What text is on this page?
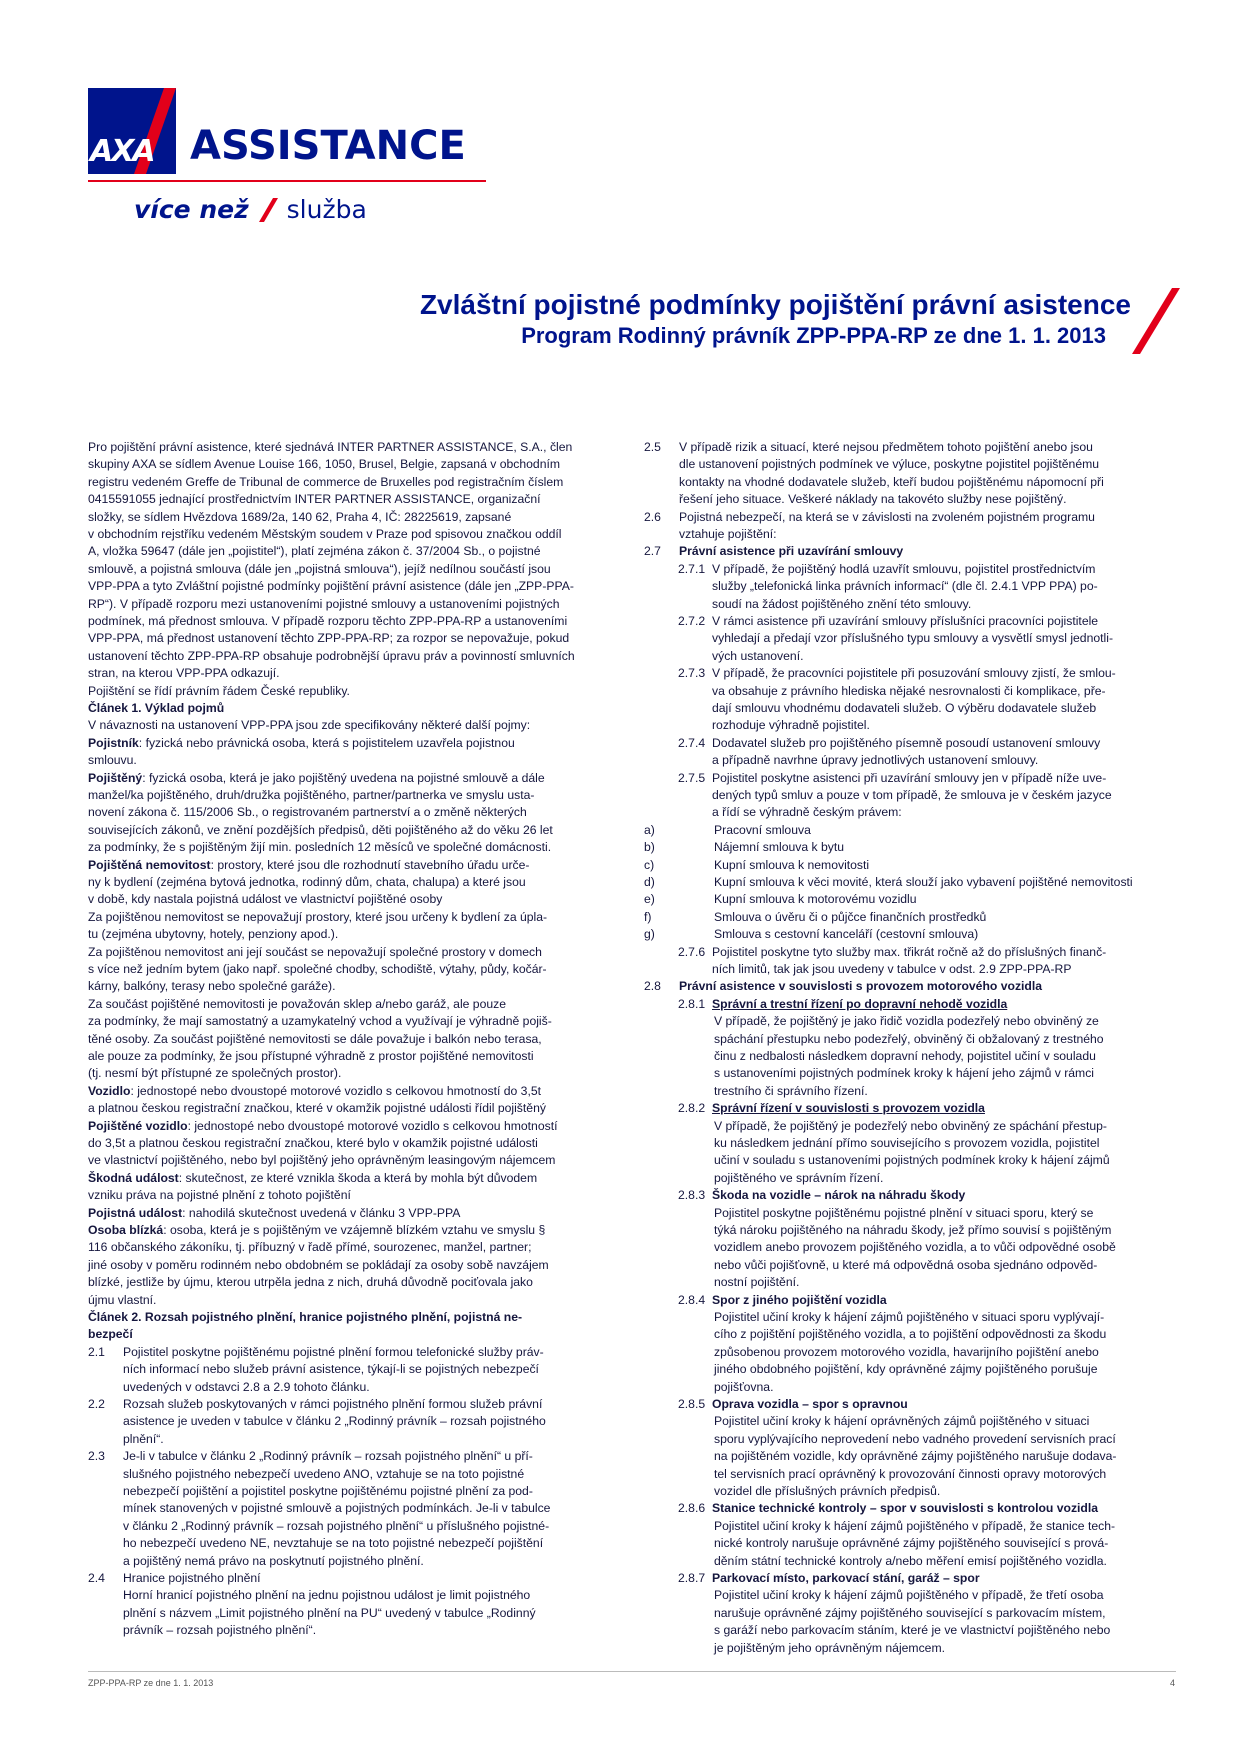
AXA ASSISTANCE
více než služba
Zvláštní pojistné podmínky pojištění právní asistence
Program Rodinný právník ZPP-PPA-RP ze dne 1. 1. 2013
Pro pojištění právní asistence, které sjednává INTER PARTNER ASSISTANCE, S.A., člen
skupiny AXA se sídlem Avenue Louise 166, 1050, Brusel, Belgie, zapsaná v obchodním
registru vedeném Greffe de Tribunal de commerce de Bruxelles pod registračním číslem
0415591055 jednající prostřednictvím INTER PARTNER ASSISTANCE, organizační
složky, se sídlem Hvězdova 1689/2a, 140 62, Praha 4, IČ: 28225619, zapsané
v obchodním rejstříku vedeném Městským soudem v Praze pod spisovou značkou oddíl
A, vložka 59647 (dále jen „pojistitel“), platí zejména zákon č. 37/2004 Sb., o pojistné
smlouvě, a pojistná smlouva (dále jen „pojistná smlouva“), jejíž nedílnou součástí jsou
VPP-PPA a tyto Zvláštní pojistné podmínky pojištění právní asistence (dále jen „ZPP-PPA-
RP“). V případě rozporu mezi ustanoveními pojistné smlouvy a ustanoveními pojistných
podmínek, má přednost smlouva. V případě rozporu těchto ZPP-PPA-RP a ustanoveními
VPP-PPA, má přednost ustanovení těchto ZPP-PPA-RP; za rozpor se nepovažuje, pokud
ustanovení těchto ZPP-PPA-RP obsahuje podrobnější úpravu práv a povinností smluvních
stran, na kterou VPP-PPA odkazují.
Pojištění se řídí právním řádem České republiky.
Článek 1. Výklad pojmů
V návaznosti na ustanovení VPP-PPA jsou zde specifikovány některé další pojmy:
Pojistník: fyzická nebo právnická osoba, která s pojistitelem uzavřela pojistnou
smlouvu.
Pojištěný: fyzická osoba, která je jako pojištěný uvedena na pojistné smlouvě a dále
manžel/ka pojištěného, druh/družka pojištěného, partner/partnerka ve smyslu usta-
novení zákona č. 115/2006 Sb., o registrovaném partnerství a o změně některých
souvisejících zákonů, ve znění pozdějších předpisů, děti pojištěného až do věku 26 let
za podmínky, že s pojištěným žijí min. posledních 12 měsíců ve společné domácnosti.
Pojištěná nemovitost: prostory, které jsou dle rozhodnutí stavebního úřadu urče-
ny k bydlení (zejména bytová jednotka, rodinný dům, chata, chalupa) a které jsou
v době, kdy nastala pojistná událost ve vlastnictví pojištěné osoby
Za pojištěnou nemovitost se nepovažují prostory, které jsou určeny k bydlení za úpla-
tu (zejména ubytovny, hotely, penziony apod.).
Za pojištěnou nemovitost ani její součást se nepovažují společné prostory v domech
s více než jedním bytem (jako např. společné chodby, schodiště, výtahy, půdy, kočár-
kárny, balkóny, terasy nebo společné garáže).
Za součást pojištěné nemovitosti je považován sklep a/nebo garáž, ale pouze
za podmínky, že mají samostatný a uzamykatelný vchod a využívají je výhradně pojiš-
těné osoby. Za součást pojištěné nemovitosti se dále považuje i balkón nebo terasa,
ale pouze za podmínky, že jsou přístupné výhradně z prostor pojištěné nemovitosti
(tj. nesmí být přístupné ze společných prostor).
Vozidlo: jednostopé nebo dvoustopé motorové vozidlo s celkovou hmotností do 3,5t
a platnou českou registrační značkou, které v okamžik pojistné události řídil pojištěný
Pojištěné vozidlo: jednostopé nebo dvoustopé motorové vozidlo s celkovou hmotností
do 3,5t a platnou českou registrační značkou, které bylo v okamžik pojistné události
ve vlastnictví pojištěného, nebo byl pojištěný jeho oprávněným leasingovým nájemcem
Škodná událost: skutečnost, ze které vznikla škoda a která by mohla být důvodem
vzniku práva na pojistné plnění z tohoto pojištění
Pojistná událost: nahodilá skutečnost uvedená v článku 3 VPP-PPA
Osoba blízká: osoba, která je s pojištěným ve vzájemně blízkém vztahu ve smyslu §
116 občanského zákoníku, tj. příbuzný v řadě přímé, sourozenec, manžel, partner;
jiné osoby v poměru rodinném nebo obdobném se pokládají za osoby sobě navzájem
blízké, jestliže by újmu, kterou utrpěla jedna z nich, druhá důvodně pociťovala jako
újmu vlastní.
Článek 2. Rozsah pojistného plnění, hranice pojistného plnění, pojistná ne-
bezpečí
2.1 Pojistitel poskytne pojištěnému pojistné plnění formou telefonické služby práv-
ních informací nebo služeb právní asistence, týkají-li se pojistných nebezpečí
uvedených v odstavci 2.8 a 2.9 tohoto článku.
2.2 Rozsah služeb poskytovaných v rámci pojistného plnění formou služeb právní
asistence je uveden v tabulce v článku 2 „Rodinný právník – rozsah pojistného
plnění“.
2.3 Je-li v tabulce v článku 2 „Rodinný právník – rozsah pojistného plnění“ u pří-
slušného pojistného nebezpečí uvedeno ANO, vztahuje se na toto pojistné
nebezpečí pojištění a pojistitel poskytne pojištěnému pojistné plnění za pod-
mínek stanovených v pojistné smlouvě a pojistných podmínkách. Je-li v tabulce
v článku 2 „Rodinný právník – rozsah pojistného plnění“ u příslušného pojistné-
ho nebezpečí uvedeno NE, nevztahuje se na toto pojistné nebezpečí pojištění
a pojištěný nemá právo na poskytnutí pojistného plnění.
2.4 Hranice pojistného plnění
Horní hranicí pojistného plnění na jednu pojistnou událost je limit pojistného
plnění s názvem „Limit pojistného plnění na PU“ uvedený v tabulce „Rodinný
právník – rozsah pojistného plnění“.
2.5 V případě rizik a situací, které nejsou předmětem tohoto pojištění anebo jsou
dle ustanovení pojistných podmínek ve výluce, poskytne pojistitel pojištěnému
kontakty na vhodné dodavatele služeb, kteří budou pojištěnému nápomocní při
řešení jeho situace. Veškeré náklady na takovéto služby nese pojištěný.
2.6 Pojistná nebezpečí, na která se v závislosti na zvoleném pojistném programu
vztahuje pojištění:
2.7 Právní asistence při uzavírání smlouvy
2.7.1 V případě, že pojištěný hodlá uzavřít smlouvu, pojistitel prostřednictvím
služby „telefonická linka právních informací“ (dle čl. 2.4.1 VPP PPA) po-
soudí na žádost pojištěného znění této smlouvy.
2.7.2 V rámci asistence při uzavírání smlouvy příslušníci pracovníci pojistitele
vyhledají a předají vzor příslušného typu smlouvy a vysvětlí smysl jednotli-
vých ustanovení.
2.7.3 V případě, že pracovníci pojistitele při posuzování smlouvy zjistí, že smlou-
va obsahuje z právního hlediska nějaké nesrovnalosti či komplikace, pře-
dají smlouvu vhodnému dodavateli služeb. O výběru dodavatele služeb
rozhoduje výhradně pojistitel.
2.7.4 Dodavatel služeb pro pojištěného písemně posoudí ustanovení smlouvy
a případně navrhne úpravy jednotlivých ustanovení smlouvy.
2.7.5 Pojistitel poskytne asistenci při uzavírání smlouvy jen v případě níže uve-
dených typů smluv a pouze v tom případě, že smlouva je v českém jazyce
a řídí se výhradně českým právem:
a)	Pracovní smlouva
b)	Nájemní smlouva k bytu
c)	Kupní smlouva k nemovitosti
d)	Kupní smlouva k věci movité, která slouží jako vybavení pojištěné nemovitosti
e)	Kupní smlouva k motorovému vozidlu
f)	Smlouva o úvěru či o půjčce finančních prostředků
g)	Smlouva s cestovní kanceláří (cestovní smlouva)
2.7.6 Pojistitel poskytne tyto služby max. třikrát ročně až do příslušných finanč-
ních limitů, tak jak jsou uvedeny v tabulce v odst. 2.9 ZPP-PPA-RP
2.8 Právní asistence v souvislosti s provozem motorového vozidla
2.8.1 Správní a trestní řízení po dopravní nehodě vozidla
V případě, že pojištěný je jako řidič vozidla podezřelý nebo obviněný ze
spáchání přestupku nebo podezřelý, obviněný či obžalovaný z trestného
činu z nedbalosti následkem dopravní nehody, pojistitel učiní v souladu
s ustanoveními pojistných podmínek kroky k hájení jeho zájmů v rámci
trestního či správního řízení.
2.8.2 Správní řízení v souvislosti s provozem vozidla
V případě, že pojištěný je podezřelý nebo obviněný ze spáchání přestup-
ku následkem jednání přímo souvisejícího s provozem vozidla, pojistitel
učiní v souladu s ustanoveními pojistných podmínek kroky k hájení zájmů
pojištěného ve správním řízení.
2.8.3 Škoda na vozidle – nárok na náhradu škody
Pojistitel poskytne pojištěnému pojistné plnění v situaci sporu, který se
týká nároku pojištěného na náhradu škody, jež přímo souvisí s pojištěným
vozidlem anebo provozem pojištěného vozidla, a to vůči odpovědné osobě
nebo vůči pojišťovně, u které má odpovědná osoba sjednáno odpověd-
nostní pojištění.
2.8.4 Spor z jiného pojištění vozidla
Pojistitel učiní kroky k hájení zájmů pojištěného v situaci sporu vyplývají-
cího z pojištění pojištěného vozidla, a to pojištění odpovědnosti za škodu
způsobenou provozem motorového vozidla, havarijního pojištění anebo
jiného obdobného pojištění, kdy oprávněné zájmy pojištěného porušuje
pojišťovna.
2.8.5 Oprava vozidla – spor s opravnou
Pojistitel učiní kroky k hájení oprávněných zájmů pojištěného v situaci
sporu vyplývajícího neprovedení nebo vadného provedení servisních prací
na pojištěném vozidle, kdy oprávněné zájmy pojištěného narušuje dodava-
tel servisních prací oprávněný k provozování činnosti opravy motorových
vozidel dle příslušných právních předpisů.
2.8.6 Stanice technické kontroly – spor v souvislosti s kontrolou vozidla
Pojistitel učiní kroky k hájení zájmů pojištěného v případě, že stanice tech-
nické kontroly narušuje oprávněné zájmy pojištěného související s prová-
děním státní technické kontroly a/nebo měření emisí pojištěného vozidla.
2.8.7 Parkovací místo, parkovací stání, garáž – spor
Pojistitel učiní kroky k hájení zájmů pojištěného v případě, že třetí osoba
narušuje oprávněné zájmy pojištěného související s parkovacím místem,
s garáží nebo parkovacím stáním, které je ve vlastnictví pojištěného nebo
je pojištěným jeho oprávněným nájemcem.
ZPP-PPA-RP ze dne 1. 1. 2013	4
